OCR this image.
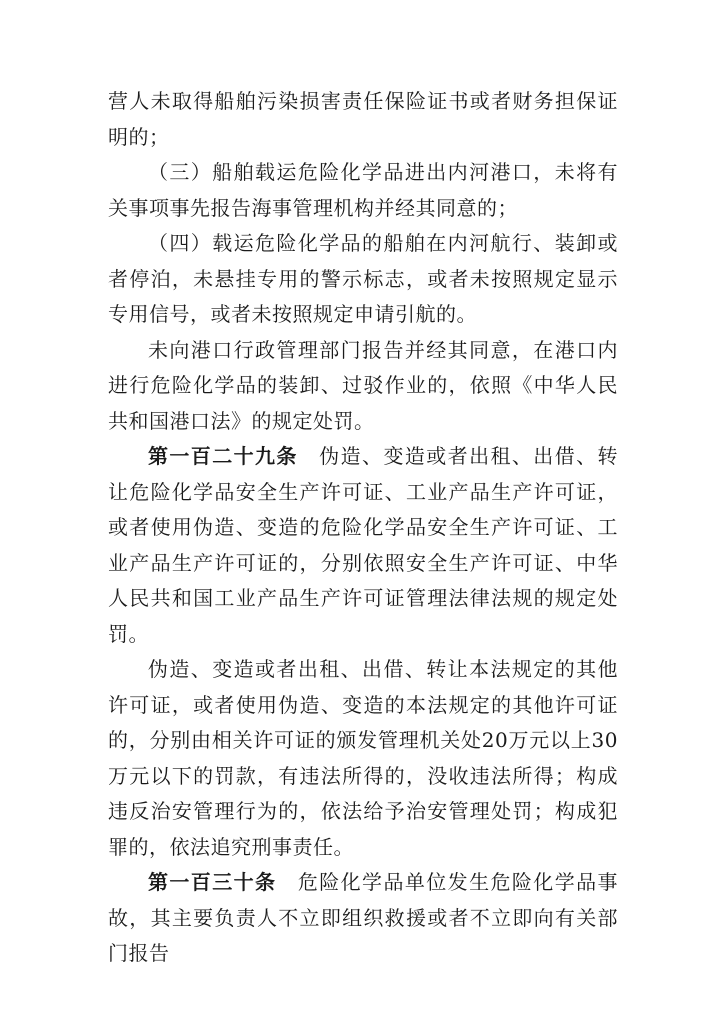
营人未取得船舶污染损害责任保险证书或者财务担保证明的；

（三）船舶载运危险化学品进出内河港口，未将有关事项事先报告海事管理机构并经其同意的；

（四）载运危险化学品的船舶在内河航行、装卸或者停泊，未悬挂专用的警示标志，或者未按照规定显示专用信号，或者未按照规定申请引航的。

未向港口行政管理部门报告并经其同意，在港口内进行危险化学品的装卸、过驳作业的，依照《中华人民共和国港口法》的规定处罚。

第一百二十九条　伪造、变造或者出租、出借、转让危险化学品安全生产许可证、工业产品生产许可证，或者使用伪造、变造的危险化学品安全生产许可证、工业产品生产许可证的，分别依照安全生产许可证、中华人民共和国工业产品生产许可证管理法律法规的规定处罚。

伪造、变造或者出租、出借、转让本法规定的其他许可证，或者使用伪造、变造的本法规定的其他许可证的，分别由相关许可证的颁发管理机关处20万元以上30万元以下的罚款，有违法所得的，没收违法所得；构成违反治安管理行为的，依法给予治安管理处罚；构成犯罪的，依法追究刑事责任。

第一百三十条　危险化学品单位发生危险化学品事故，其主要负责人不立即组织救援或者不立即向有关部门报告
